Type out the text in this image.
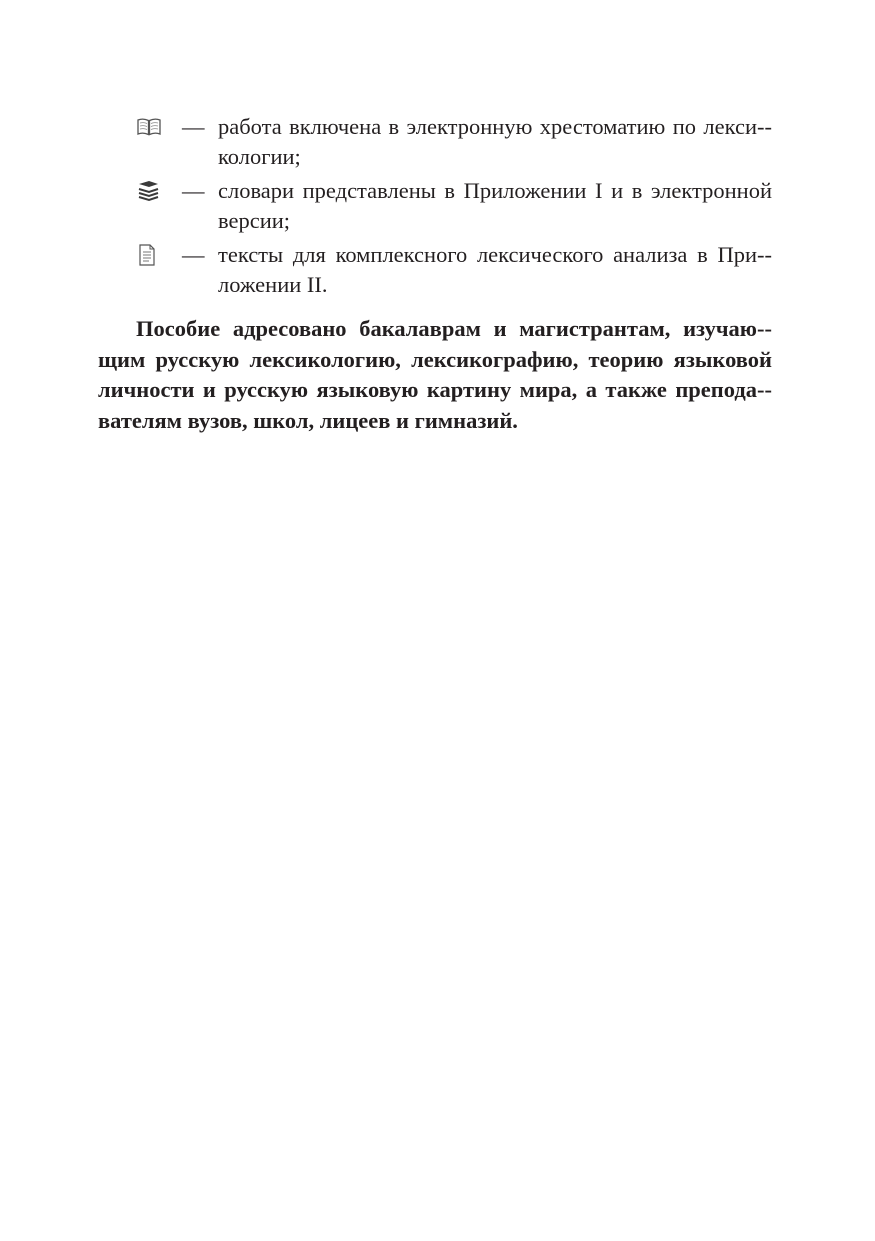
— работа включена в электронную хрестоматию по лекси-кологии;
— словари представлены в Приложении I и в электронной версии;
— тексты для комплексного лексического анализа в При-ложении II.

Пособие адресовано бакалаврам и магистрантам, изучаю-щим русскую лексикологию, лексикографию, теорию языковой личности и русскую языковую картину мира, а также препода-вателям вузов, школ, лицеев и гимназий.
